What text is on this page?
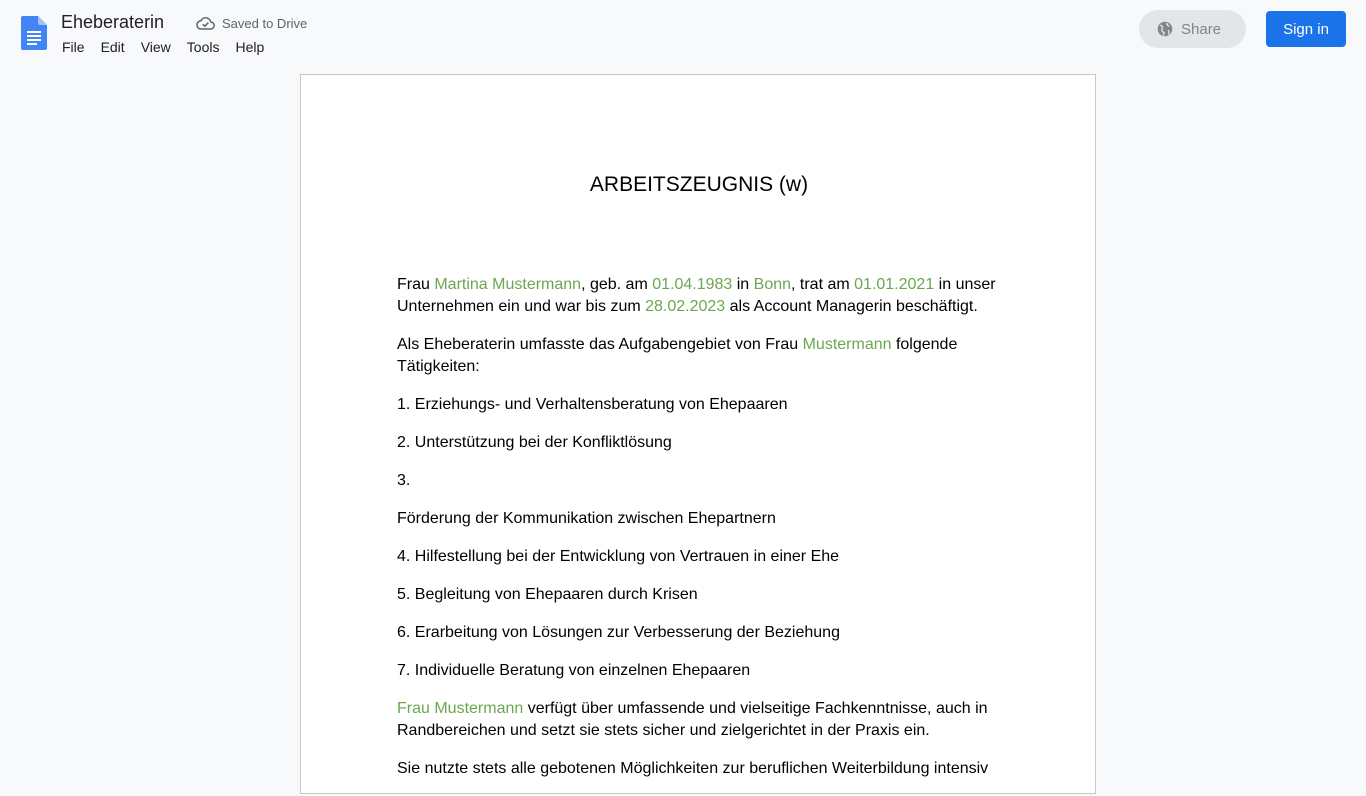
Eheberaterin	Saved to Drive
File	Edit	View	Tools	Help
Share	Sign in
ARBEITSZEUGNIS (w)

Frau Martina Mustermann, geb. am 01.04.1983 in Bonn, trat am 01.01.2021 in unser Unternehmen ein und war bis zum 28.02.2023 als Account Managerin beschäftigt.

Als Eheberaterin umfasste das Aufgabengebiet von Frau Mustermann folgende Tätigkeiten:

1. Erziehungs- und Verhaltensberatung von Ehepaaren

2. Unterstützung bei der Konfliktlösung

3.

Förderung der Kommunikation zwischen Ehepartnern

4. Hilfestellung bei der Entwicklung von Vertrauen in einer Ehe

5. Begleitung von Ehepaaren durch Krisen

6. Erarbeitung von Lösungen zur Verbesserung der Beziehung

7. Individuelle Beratung von einzelnen Ehepaaren

Frau Mustermann verfügt über umfassende und vielseitige Fachkenntnisse, auch in Randbereichen und setzt sie stets sicher und zielgerichtet in der Praxis ein.

Sie nutzte stets alle gebotenen Möglichkeiten zur beruflichen Weiterbildung intensiv
